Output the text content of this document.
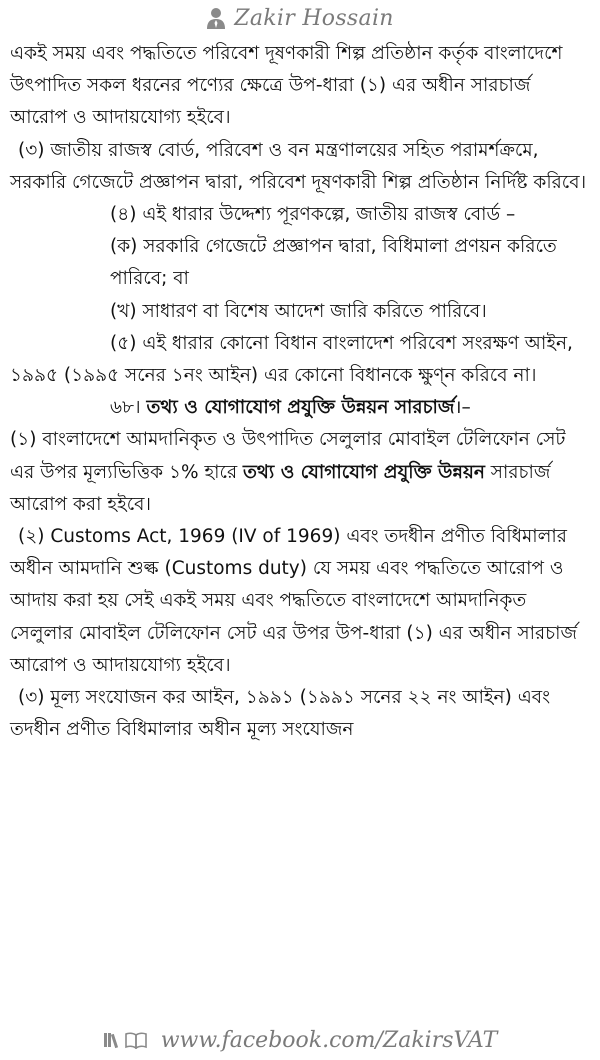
Zakir Hossain

একই সময় এবং পদ্ধতিতে পরিবেশ দূষণকারী শিল্প প্রতিষ্ঠান কর্তৃক বাংলাদেশে উৎপাদিত সকল ধরনের পণ্যের ক্ষেত্রে উপ-ধারা (১) এর অধীন সারচার্জ আরোপ ও আদায়যোগ্য হইবে।

(৩) জাতীয় রাজস্ব বোর্ড, পরিবেশ ও বন মন্ত্রণালয়ের সহিত পরামর্শক্রমে, সরকারি গেজেটে প্রজ্ঞাপন দ্বারা, পরিবেশ দূষণকারী শিল্প প্রতিষ্ঠান নির্দিষ্ট করিবে।

(৪) এই ধারার উদ্দেশ্য পূরণকল্পে, জাতীয় রাজস্ব বোর্ড –

(ক) সরকারি গেজেটে প্রজ্ঞাপন দ্বারা, বিধিমালা প্রণয়ন করিতে পারিবে; বা

(খ) সাধারণ বা বিশেষ আদেশ জারি করিতে পারিবে।

(৫) এই ধারার কোনো বিধান বাংলাদেশ পরিবেশ সংরক্ষণ আইন, ১৯৯৫ (১৯৯৫ সনের ১নং আইন) এর কোনো বিধানকে ক্ষুণ্ন করিবে না।

৬৮। তথ্য ও যোগাযোগ প্রযুক্তি উন্নয়ন সারচার্জ।–

(১) বাংলাদেশে আমদানিকৃত ও উৎপাদিত সেলুলার মোবাইল টেলিফোন সেট এর উপর মূল্যভিত্তিক ১% হারে তথ্য ও যোগাযোগ প্রযুক্তি উন্নয়ন সারচার্জ আরোপ করা হইবে।

(২) Customs Act, 1969 (IV of 1969) এবং তদধীন প্রণীত বিধিমালার অধীন আমদানি শুল্ক (Customs duty) যে সময় এবং পদ্ধতিতে আরোপ ও আদায় করা হয় সেই একই সময় এবং পদ্ধতিতে বাংলাদেশে আমদানিকৃত সেলুলার মোবাইল টেলিফোন সেট এর উপর উপ-ধারা (১) এর অধীন সারচার্জ আরোপ ও আদায়যোগ্য হইবে।

(৩) মূল্য সংযোজন কর আইন, ১৯৯১ (১৯৯১ সনের ২২ নং আইন) এবং তদধীন প্রণীত বিধিমালার অধীন মূল্য সংযোজন

www.facebook.com/ZakirsVAT
